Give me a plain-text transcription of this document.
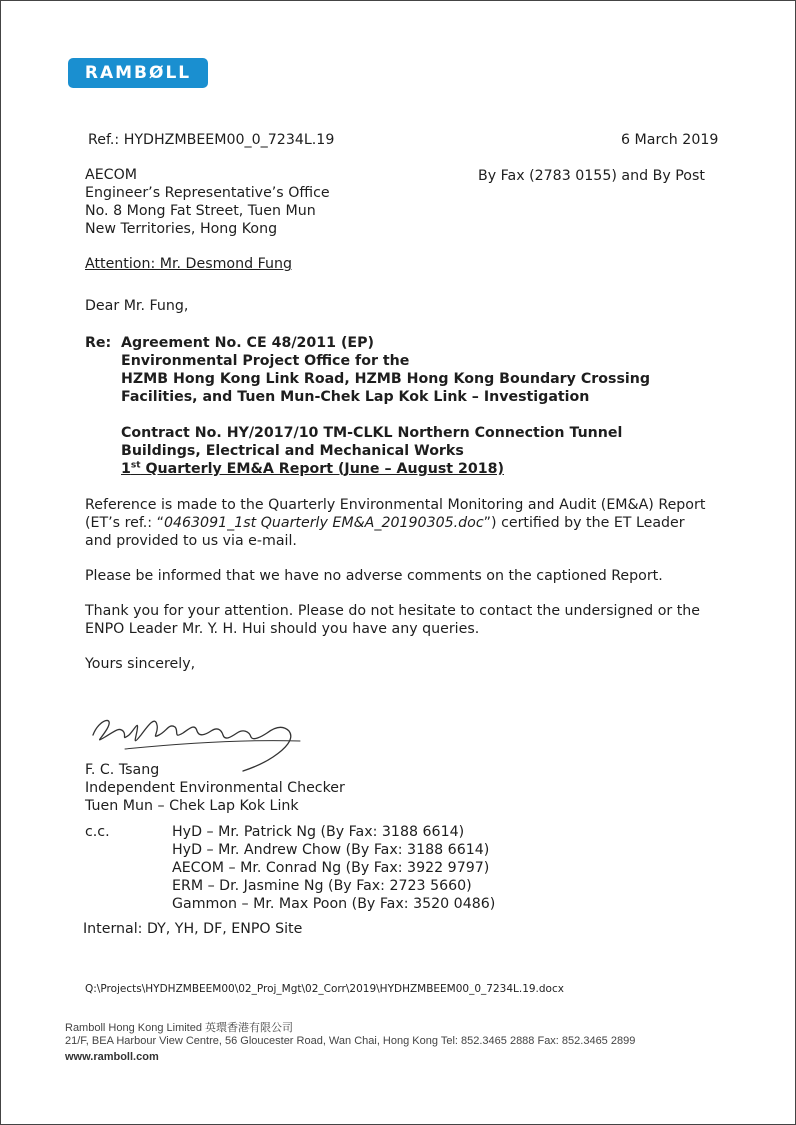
RAMBØLL
Ref.: HYDHZMBEEM00_0_7234L.19	6 March 2019
AECOM
Engineer’s Representative’s Office
No. 8 Mong Fat Street, Tuen Mun
New Territories, Hong Kong
By Fax (2783 0155) and By Post
Attention: Mr. Desmond Fung
Dear Mr. Fung,
Re: Agreement No. CE 48/2011 (EP)
Environmental Project Office for the
HZMB Hong Kong Link Road, HZMB Hong Kong Boundary Crossing
Facilities, and Tuen Mun-Chek Lap Kok Link – Investigation
Contract No. HY/2017/10 TM-CLKL Northern Connection Tunnel
Buildings, Electrical and Mechanical Works
1st Quarterly EM&A Report (June – August 2018)
Reference is made to the Quarterly Environmental Monitoring and Audit (EM&A) Report
(ET’s ref.: “0463091_1st Quarterly EM&A_20190305.doc”) certified by the ET Leader
and provided to us via e-mail.
Please be informed that we have no adverse comments on the captioned Report.
Thank you for your attention. Please do not hesitate to contact the undersigned or the
ENPO Leader Mr. Y. H. Hui should you have any queries.
Yours sincerely,
F. C. Tsang
Independent Environmental Checker
Tuen Mun – Chek Lap Kok Link
c.c.	HyD – Mr. Patrick Ng (By Fax: 3188 6614)
HyD – Mr. Andrew Chow (By Fax: 3188 6614)
AECOM – Mr. Conrad Ng (By Fax: 3922 9797)
ERM – Dr. Jasmine Ng (By Fax: 2723 5660)
Gammon – Mr. Max Poon (By Fax: 3520 0486)
Internal: DY, YH, DF, ENPO Site
Q:\Projects\HYDHZMBEEM00\02_Proj_Mgt\02_Corr\2019\HYDHZMBEEM00_0_7234L.19.docx
Ramboll Hong Kong Limited 英環香港有限公司
21/F, BEA Harbour View Centre, 56 Gloucester Road, Wan Chai, Hong Kong Tel: 852.3465 2888 Fax: 852.3465 2899
www.ramboll.com
